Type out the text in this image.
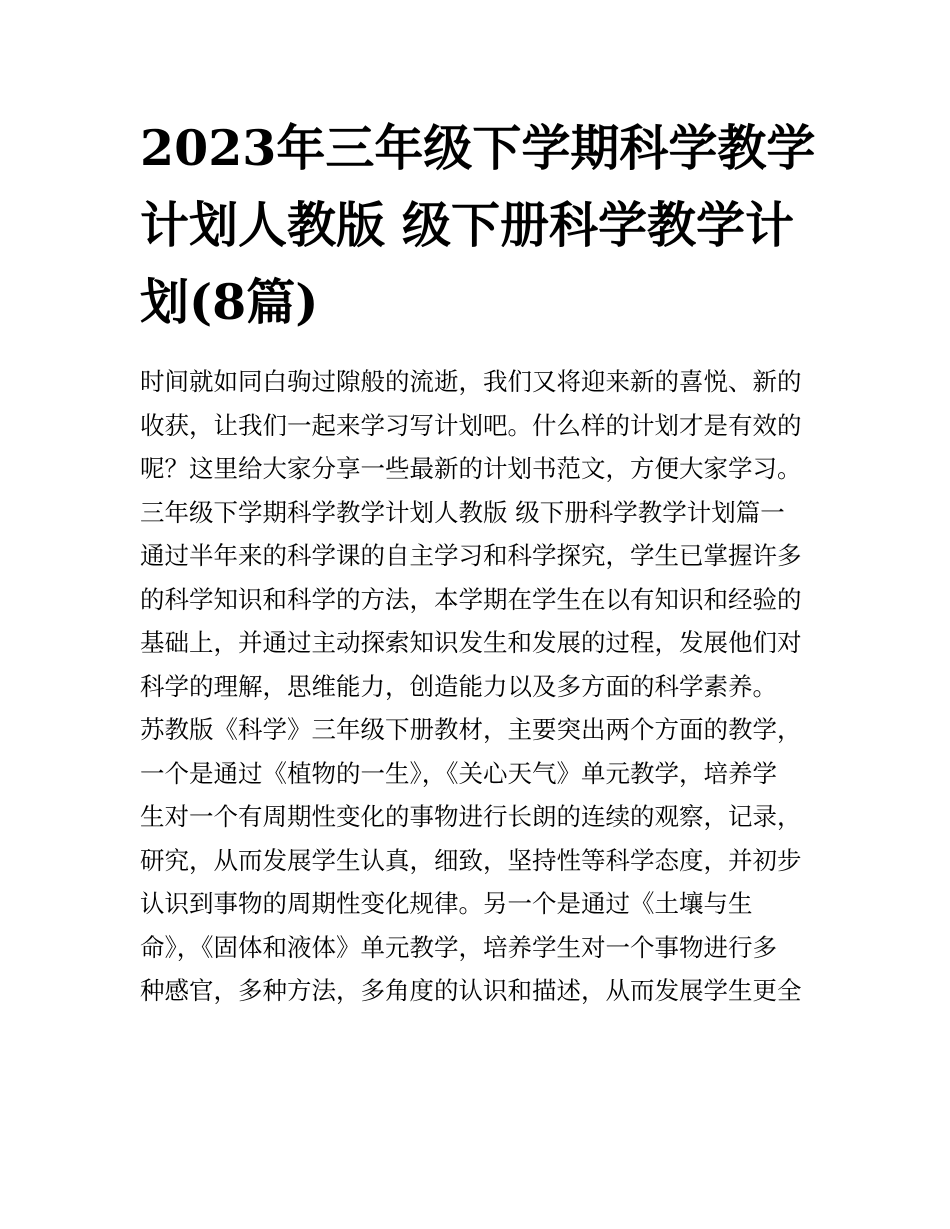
2023年三年级下学期科学教学
计划人教版 级下册科学教学计
划(8篇)
时间就如同白驹过隙般的流逝，我们又将迎来新的喜悦、新的
收获，让我们一起来学习写计划吧。什么样的计划才是有效的
呢？这里给大家分享一些最新的计划书范文，方便大家学习。
三年级下学期科学教学计划人教版 级下册科学教学计划篇一
通过半年来的科学课的自主学习和科学探究，学生已掌握许多
的科学知识和科学的方法，本学期在学生在以有知识和经验的
基础上，并通过主动探索知识发生和发展的过程，发展他们对
科学的理解，思维能力，创造能力以及多方面的科学素养。
苏教版《科学》三年级下册教材，主要突出两个方面的教学，
一个是通过《植物的一生》，《关心天气》单元教学，培养学
生对一个有周期性变化的事物进行长朗的连续的观察，记录，
研究，从而发展学生认真，细致，坚持性等科学态度，并初步
认识到事物的周期性变化规律。另一个是通过《土壤与生
命》，《固体和液体》单元教学，培养学生对一个事物进行多
种感官，多种方法，多角度的认识和描述，从而发展学生更全
